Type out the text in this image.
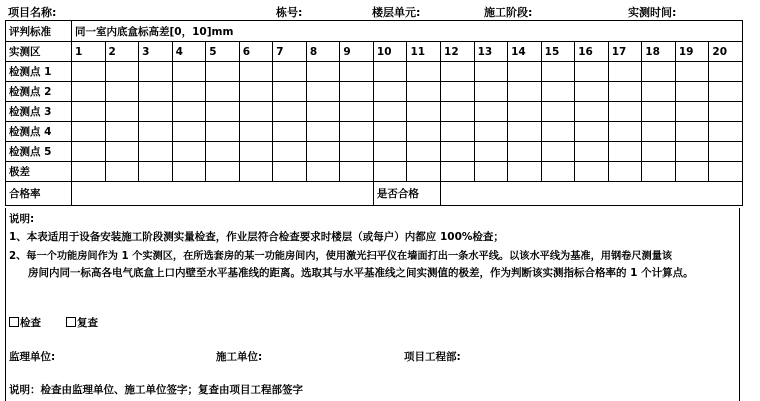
项目名称:	栋号:	楼层单元:	施工阶段:	实测时间:
评判标准	同一室内底盒标高差[0，10]mm																			
实测区	1	2	3	4	5	6	7	8	9	10	11	12	13	14	15	16	17	18	19	20
检测点 1																				
检测点 2																				
检测点 3																				
检测点 4																				
检测点 5																				
极差																				
合格率										是否合格										
说明:
1、本表适用于设备安装施工阶段测实量检查，作业层符合检查要求时楼层（或每户）内都应 100%检查；
2、每一个功能房间作为 1 个实测区，在所选套房的某一功能房间内，使用激光扫平仪在墙面打出一条水平线。以该水平线为基准，用钢卷尺测量该
房间内同一标高各电气底盒上口内壁至水平基准线的距离。选取其与水平基准线之间实测值的极差，作为判断该实测指标合格率的 1 个计算点。
检查	复查
监理单位:	施工单位:	项目工程部:
说明：检查由监理单位、施工单位签字；复查由项目工程部签字
